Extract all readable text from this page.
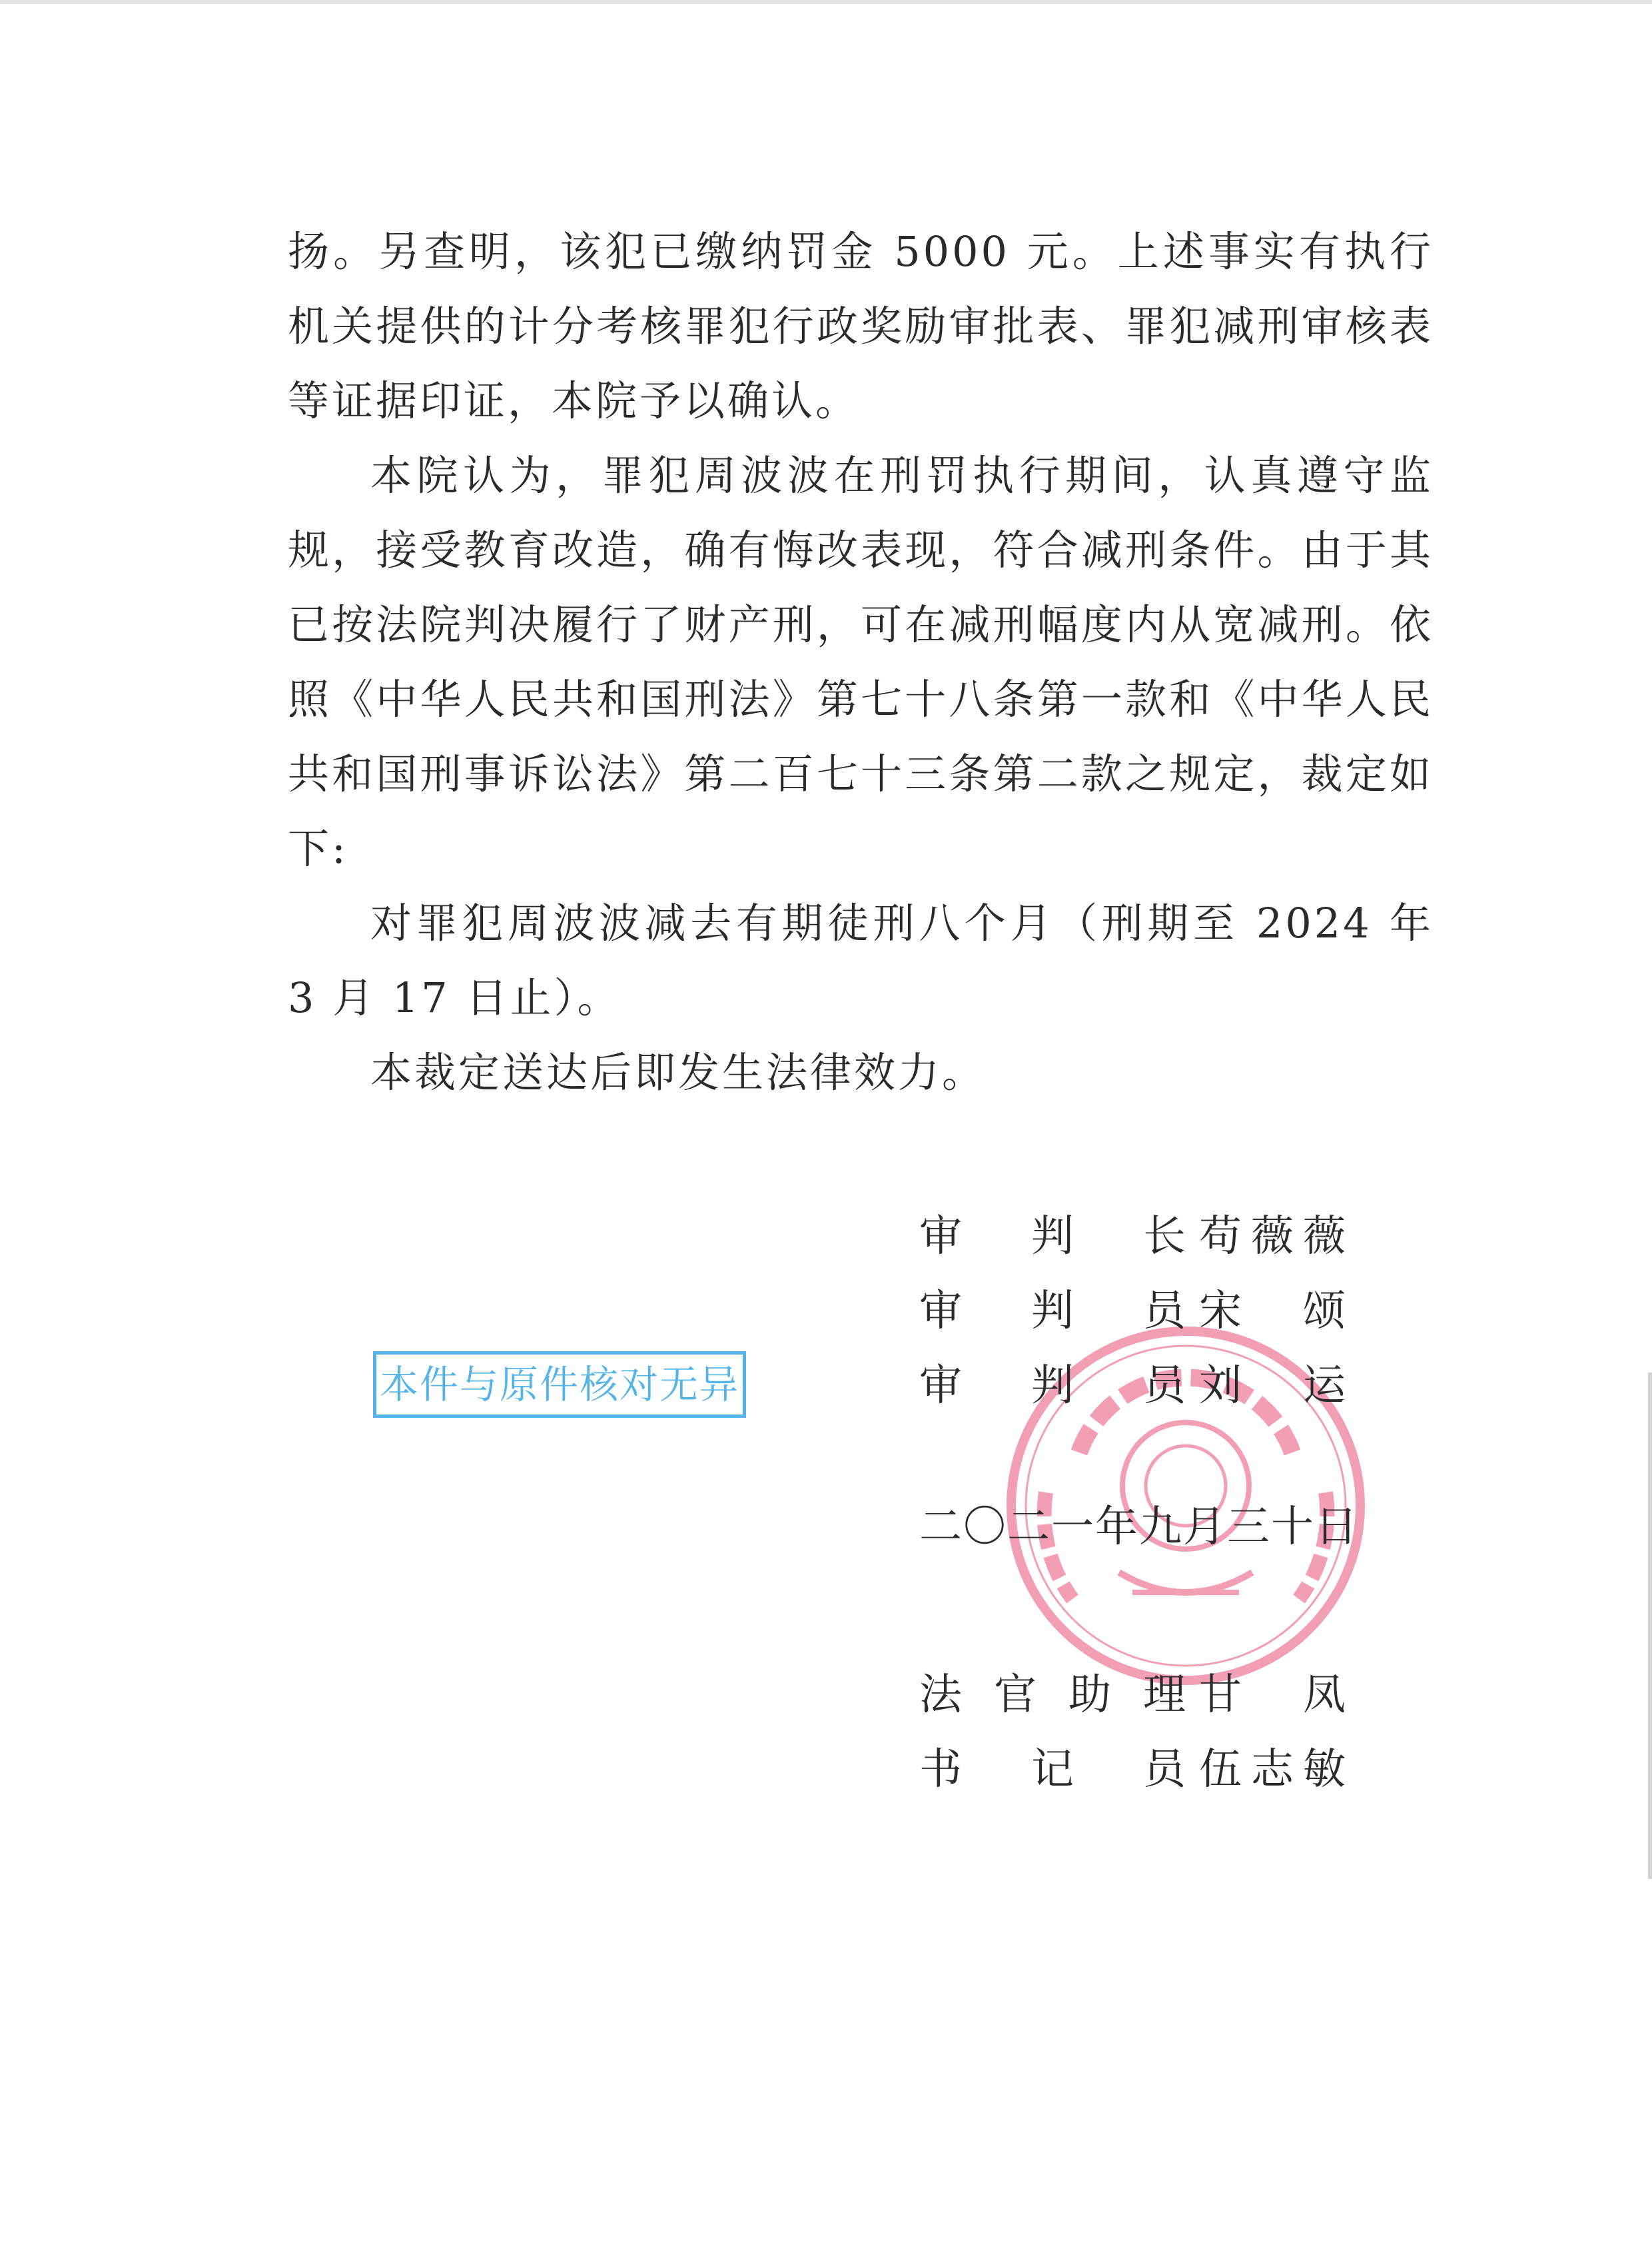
扬。另查明，该犯已缴纳罚金 5000 元。上述事实有执行机关提供的计分考核罪犯行政奖励审批表、罪犯减刑审核表等证据印证，本院予以确认。

本院认为，罪犯周波波在刑罚执行期间，认真遵守监规，接受教育改造，确有悔改表现，符合减刑条件。由于其已按法院判决履行了财产刑，可在减刑幅度内从宽减刑。依照《中华人民共和国刑法》第七十八条第一款和《中华人民共和国刑事诉讼法》第二百七十三条第二款之规定，裁定如下:

对罪犯周波波减去有期徒刑八个月（刑期至 2024 年 3 月 17 日止）。

本裁定送达后即发生法律效力。

审判长 苟薇薇
审判员 宋颂
审判员 刘运
二〇二一年九月三十日
法官助理 甘凤
书记员 伍志敏
本件与原件核对无异
